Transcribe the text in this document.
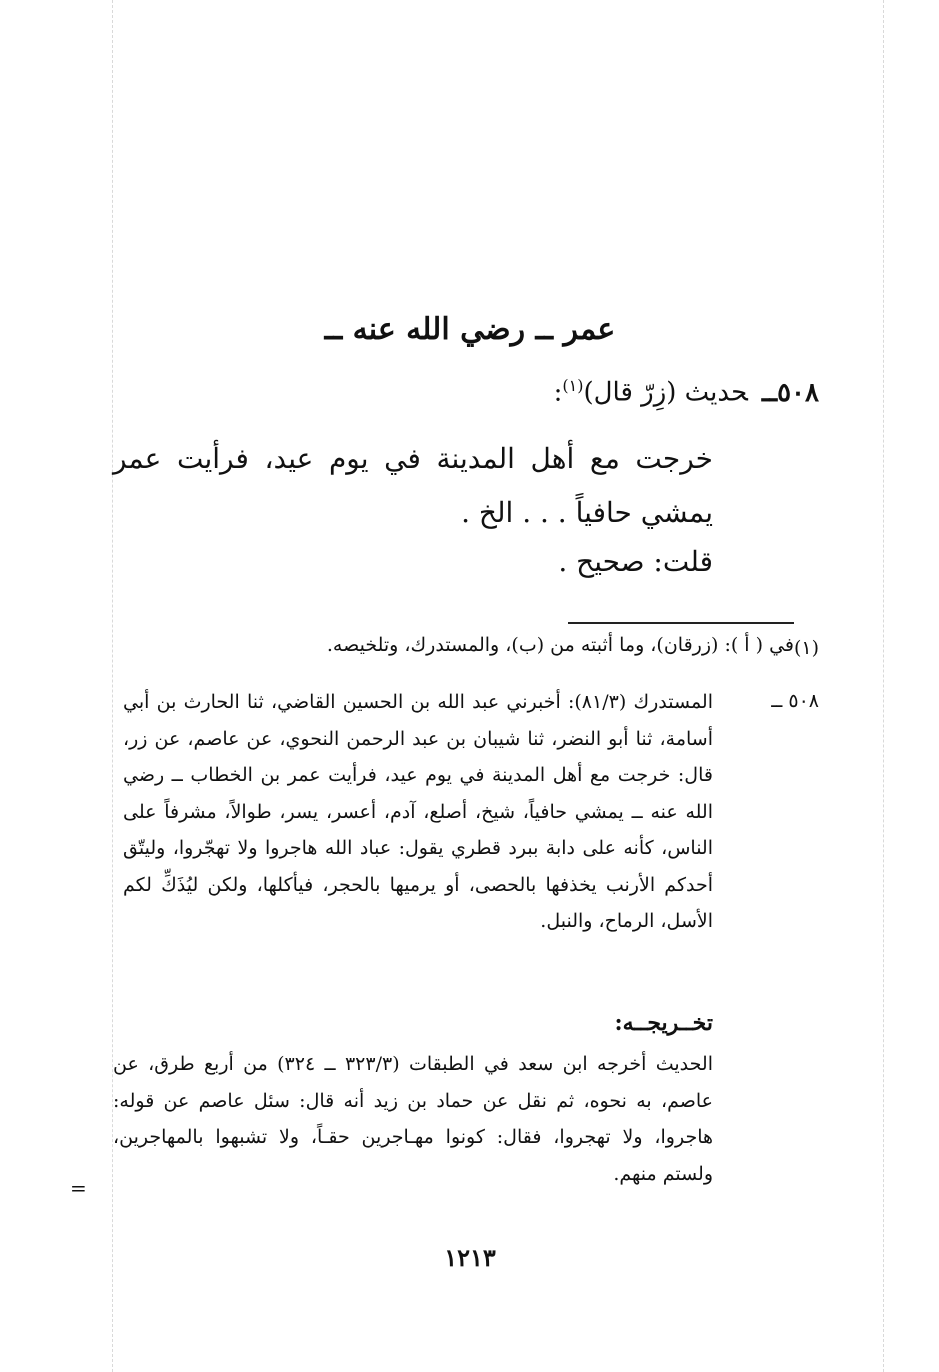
عمر ــ رضي الله عنه ــ
٥٠٨ــحديث (زِرّ قال)$^{(١)}$:
خرجت مع أهل المدينة في يوم عيد، فرأيت عمر يمشي حافياً . . . الخ .
قلت: صحيح .
(١)
في ( أ ): (زرقان)، وما أثبته من (ب)، والمستدرك، وتلخيصه.
٥٠٨ ــ
المستدرك (٨١/٣): أخبرني عبد الله بن الحسين القاضي، ثنا الحارث بن أبي أسامة، ثنا أبو النضر، ثنا شيبان بن عبد الرحمن النحوي، عن عاصم، عن زر، قال: خرجت مع أهل المدينة في يوم عيد، فرأيت عمر بن الخطاب ــ رضي الله عنه ــ يمشي حافياً، شيخ، أصلع، آدم، أعسر، يسر، طوالاً، مشرفاً على الناس، كأنه على دابة ببرد قطري يقول: عباد الله هاجروا ولا تهجّروا، وليتّق أحدكم الأرنب يخذفها بالحصى، أو يرميها بالحجر، فيأكلها، ولكن ليُذَكِّ لكم الأسل، الرماح، والنبل.
تخــريجــه:
الحديث أخرجه ابن سعد في الطبقات (٣٢٣/٣ ــ ٣٢٤) من أربع طرق، عن عاصم، به نحوه، ثم نقل عن حماد بن زيد أنه قال: سئل عاصم عن قوله: هاجروا، ولا تهجروا، فقال: كونوا مهـاجرين حقـاً، ولا تشبهوا بالمهاجرين، ولستم منهم.
=
١٢١٣
